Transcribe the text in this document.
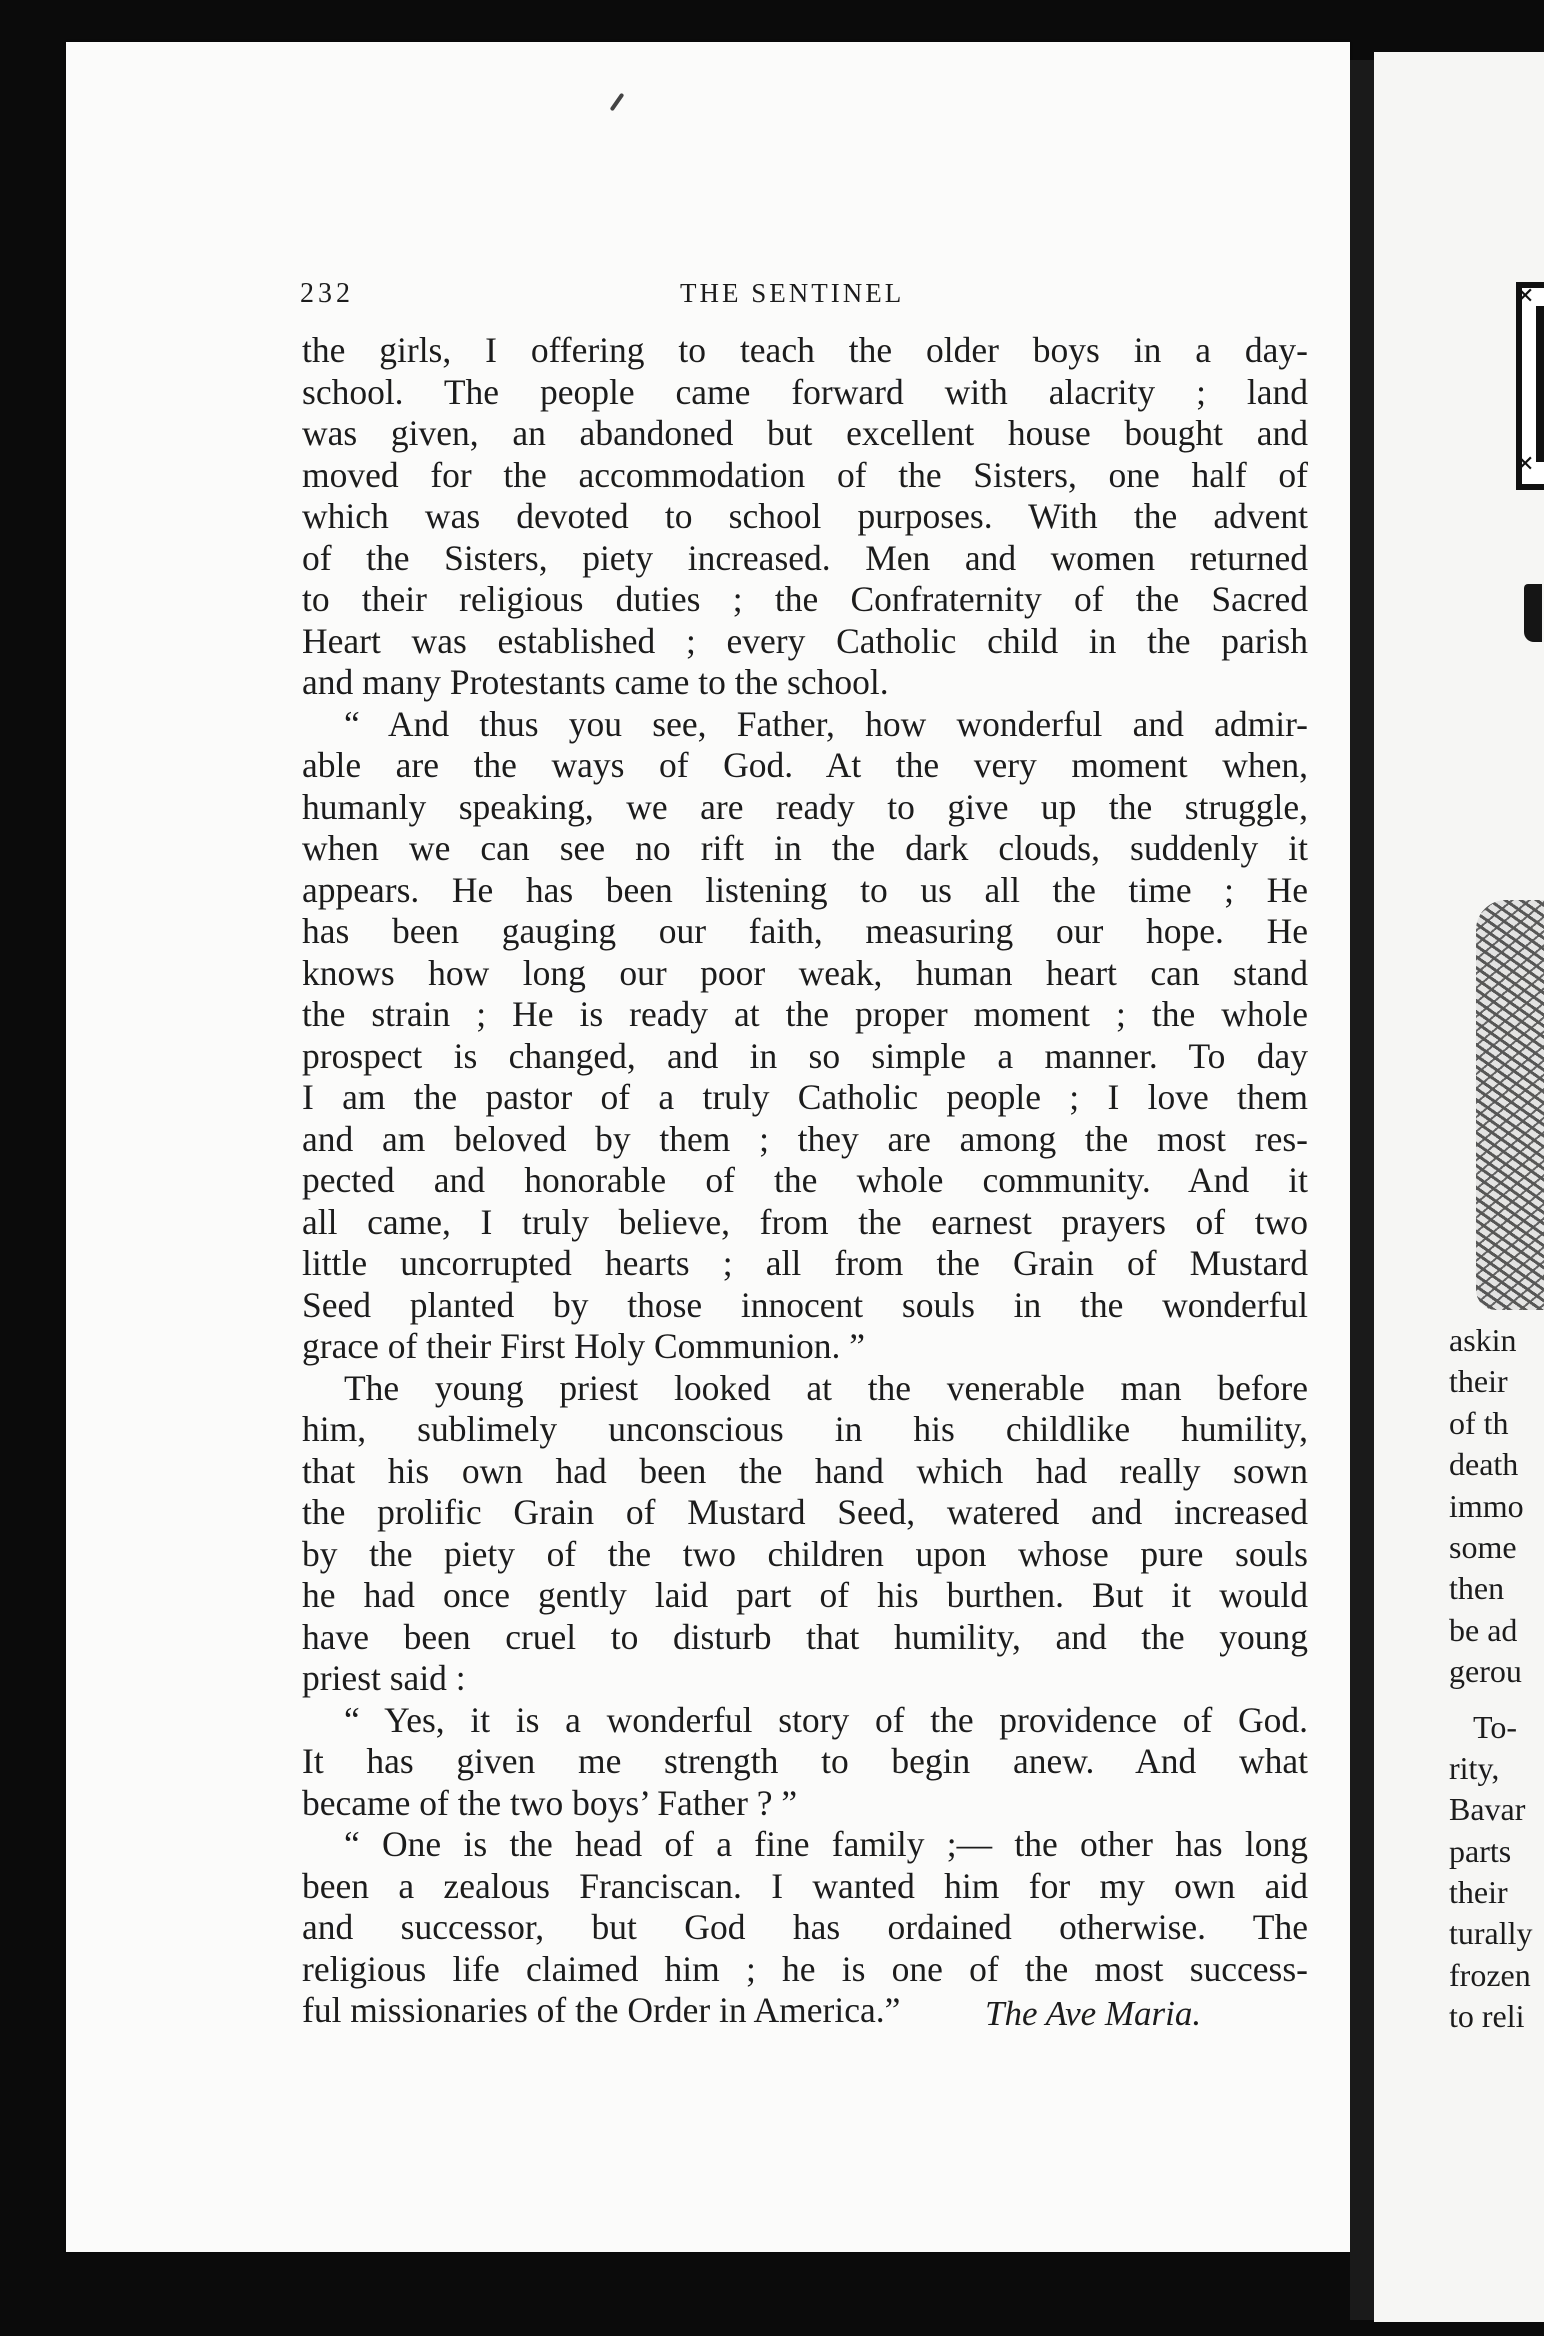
232	THE SENTINEL
the girls, I offering to teach the older boys in a day-
school. The people came forward with alacrity ; land
was given, an abandoned but excellent house bought and
moved for the accommodation of the Sisters, one half of
which was devoted to school purposes. With the advent
of the Sisters, piety increased. Men and women returned
to their religious duties ; the Confraternity of the Sacred
Heart was established ; every Catholic child in the parish
and many Protestants came to the school.
“ And thus you see, Father, how wonderful and admir-
able are the ways of God. At the very moment when,
humanly speaking, we are ready to give up the struggle,
when we can see no rift in the dark clouds, suddenly it
appears. He has been listening to us all the time ; He
has been gauging our faith, measuring our hope. He
knows how long our poor weak, human heart can stand
the strain ; He is ready at the proper moment ; the whole
prospect is changed, and in so simple a manner. To day
I am the pastor of a truly Catholic people ; I love them
and am beloved by them ; they are among the most res-
pected and honorable of the whole community. And it
all came, I truly believe, from the earnest prayers of two
little uncorrupted hearts ; all from the Grain of Mustard
Seed planted by those innocent souls in the wonderful
grace of their First Holy Communion. ”
The young priest looked at the venerable man before
him, sublimely unconscious in his childlike humility,
that his own had been the hand which had really sown
the prolific Grain of Mustard Seed, watered and increased
by the piety of the two children upon whose pure souls
he had once gently laid part of his burthen. But it would
have been cruel to disturb that humility, and the young
priest said :
“ Yes, it is a wonderful story of the providence of God.
It has given me strength to begin anew. And what
became of the two boys’ Father ? ”
“ One is the head of a fine family ;— the other has long
been a zealous Franciscan. I wanted him for my own aid
and successor, but God has ordained otherwise. The
religious life claimed him ; he is one of the most success-
ful missionaries of the Order in America.”	The Ave Maria.
✕
✕
askin
their
of th
death
immo
some
then
be ad
gerou
To-
rity,
Bavar
parts
their
turally
frozen
to reli
